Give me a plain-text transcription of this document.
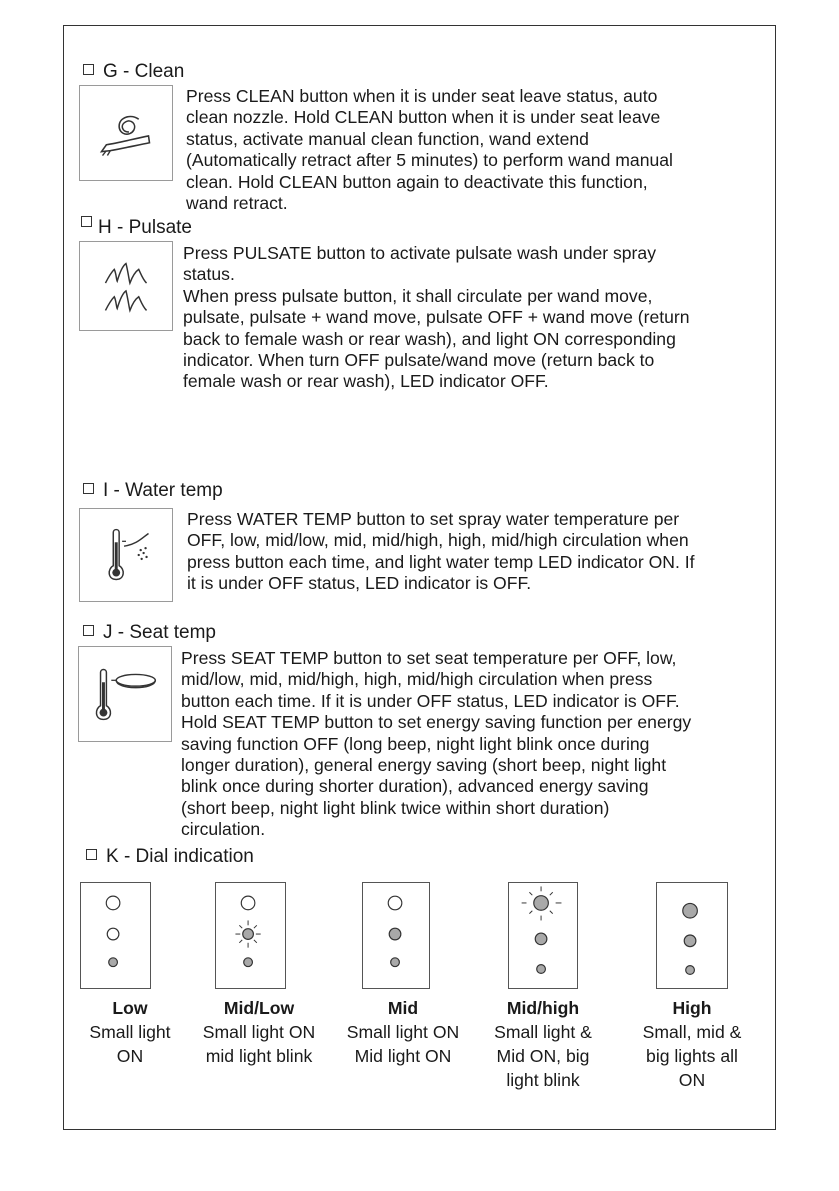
G - Clean

Press CLEAN button when it is under seat leave status, auto

clean nozzle. Hold CLEAN button when it is under seat leave

status, activate manual clean function, wand extend

(Automatically retract after 5 minutes) to perform wand manual

clean. Hold CLEAN button again to deactivate this function,

wand retract.

H - Pulsate

Press PULSATE button to activate pulsate wash under spray

status.

When press pulsate button, it shall circulate per wand move,

pulsate, pulsate + wand move, pulsate OFF + wand move (return

back to female wash or rear wash), and light ON corresponding

indicator. When turn OFF pulsate/wand move (return back to

female wash or rear wash), LED indicator OFF.

I - Water temp

Press WATER TEMP button to set spray water temperature per

OFF, low, mid/low, mid, mid/high, high, mid/high circulation when

press button each time, and light water temp LED indicator ON. If

it is under OFF status, LED indicator is OFF.

J - Seat temp

Press SEAT TEMP button to set seat temperature per OFF, low,

mid/low, mid, mid/high, high, mid/high circulation when press

button each time. If it is under OFF status, LED indicator is OFF.

Hold SEAT TEMP button to set energy saving function per energy

saving function OFF (long beep, night light blink once during

longer duration), general energy saving (short beep, night light

blink once during shorter duration), advanced energy saving

(short beep, night light blink twice within short duration)

circulation.

K - Dial indication
Low
Small light
ON
Mid/Low
Small light ON
mid light blink
Mid
Small light ON
Mid light ON
Mid/high
Small light &
Mid ON, big
light blink
High
Small, mid &
big lights all
ON
